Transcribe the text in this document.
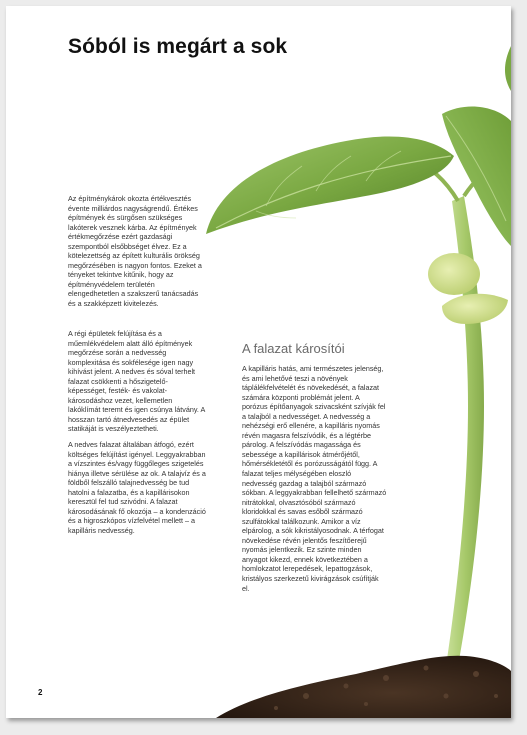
Sóból is megárt a sok

Az építménykárok okozta értékvesztés évente milliárdos nagyságrendű. Értékes építmények és sürgősen szükséges lakóterek vesznek kárba. Az építmények értékmegőrzése ezért gazdasági szempontból elsőbbséget élvez. Ez a kötelezettség az épített kulturális örökség megőrzésében is nagyon fontos. Ezeket a tényeket tekintve kitűnik, hogy az építményvédelem területén elengedhetetlen a szakszerű tanácsadás és a szakképzett kivitelezés.

A régi épületek felújítása és a műemlékvédelem alatt álló építmények megőrzése során a nedvesség komplexitása és sokfélesége igen nagy kihívást jelent. A nedves és sóval terhelt falazat csökkenti a hőszigetelő-képességet, festék- és vakolat-károsodáshoz vezet, kellemetlen lakóklímát teremt és igen csúnya látvány. A hosszan tartó átnedvesedés az épület statikáját is veszélyeztetheti.

A nedves falazat általában átfogó, ezért költséges felújítást igényel. Leggyakrabban a vízszintes és/vagy függőleges szigetelés hiánya illetve sérülése az ok. A talajvíz és a földből felszálló talajnedvesség be tud hatolni a falazatba, és a kapillárisokon keresztül fel tud szivódni. A falazat károsodásának fő okozója – a kondenzáció és a higroszkópos vízfelvétel mellett – a kapilláris nedvesség.

A falazat károsítói

A kapilláris hatás, ami természetes jelenség, és ami lehetővé teszi a növények táplálékfelvételét és növekedését, a falazat számára központi problémát jelent. A porózus építőanyagok szivacsként szívják fel a talajból a nedvességet. A nedvesség a nehézségi erő ellenére, a kapilláris nyomás révén magasra felszívódik, és a légtérbe párolog. A felszívódás magassága és sebessége a kapillárisok átmérőjétől, hőmérsékletétől és porózusságától függ. A falazat teljes mélységében eloszló nedvesség gazdag a talajból származó sókban. A leggyakrabban fellelhető származó nitrátokkal, olvasztósóból származó kloridokkal és savas esőből származó szulfátokkal találkozunk. Amikor a víz elpárolog, a sók kikristályosodnak. A térfogat növekedése révén jelentős feszítőerejű nyomás jelentkezik. Ez szinte minden anyagot kikezd, ennek következtében a homlokzatot lerepedések, lepattogzások, kristályos szerkezetű kivirágzások csúfítják el.

2
